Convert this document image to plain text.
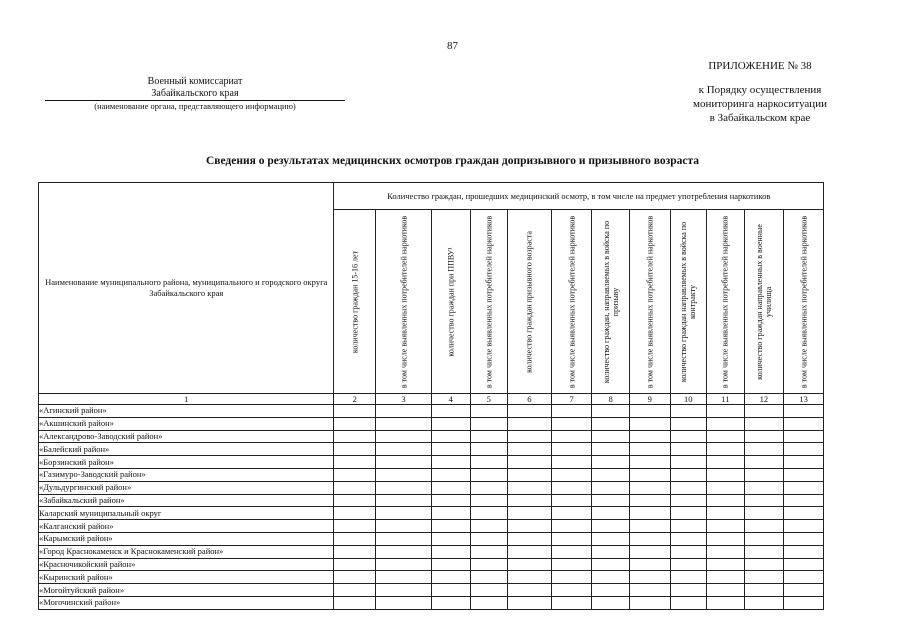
87
Военный комиссариат
Забайкальского края
(наименование органа, представляющего информацию)
ПРИЛОЖЕНИЕ № 38
к Порядку осуществления
мониторинга наркоситуации
в Забайкальском крае
Сведения о результатах медицинских осмотров граждан допризывного и призывного возраста
Наименование муниципального района, муниципального и городского округа Забайкальского края	Количество граждан, прошедших медицинский осмотр, в том числе на предмет употребления наркотиков											

	количество граждан 15-16 лет	в том числе выявленных потребителей наркотиков	количество граждан при ППВУ¹	в том числе выявленных потребителей наркотиков	количество граждан призывного возраста	в том числе выявленных потребителей наркотиков	количество граждан, направляемых в войска по призыву	в том числе выявленных потребителей наркотиков	количество граждан направляемых в войска по контракту	в том числе выявленных потребителей наркотиков	количество граждан направленных в военные училища	в том числе выявленных потребителей наркотиков

1	2	3	4	5	6	7	8	9	10	11	12	13
«Агинский район»												
«Акшинский район»												
«Александрово-Заводский район»												
«Балейский район»												
«Борзинский район»												
«Газимуро-Заводский район»												
«Дульдургинский район»												
«Забайкальский район»												
Каларский муниципальный округ												
«Калганский район»												
«Карымский район»												
«Город Краснокаменск и Краснокаменский район»												
«Красночикойский район»												
«Кыринский район»												
«Могойтуйский район»												
«Могочинский район»												
